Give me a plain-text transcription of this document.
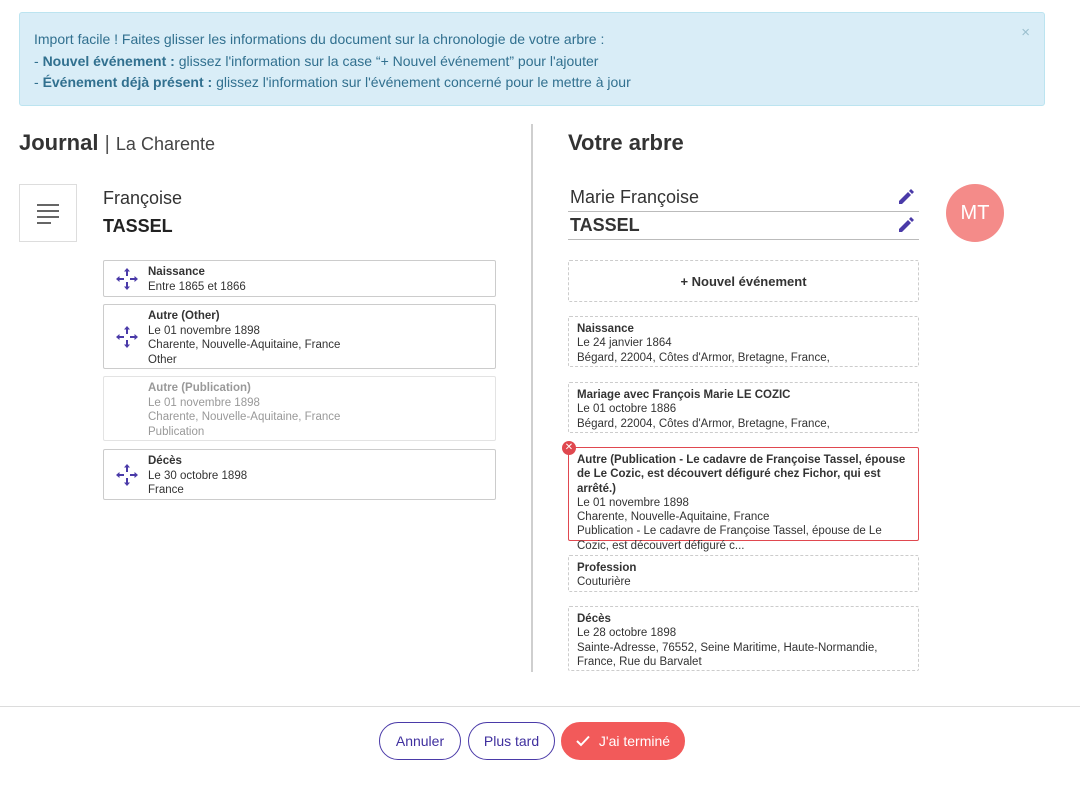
Import facile ! Faites glisser les informations du document sur la chronologie de votre arbre :
- Nouvel événement : glissez l'information sur la case “+ Nouvel événement” pour l'ajouter
- Événement déjà présent : glissez l'information sur l'événement concerné pour le mettre à jour
×
Journal | La Charente
Françoise
TASSEL
Naissance
Entre 1865 et 1866
Autre (Other)
Le 01 novembre 1898
Charente, Nouvelle-Aquitaine, France
Other
Autre (Publication)
Le 01 novembre 1898
Charente, Nouvelle-Aquitaine, France
Publication
Décès
Le 30 octobre 1898
France
Votre arbre
Marie Françoise
TASSEL
MT
+ Nouvel événement
Naissance
Le 24 janvier 1864
Bégard, 22004, Côtes d'Armor, Bretagne, France,
Mariage avec François Marie LE COZIC
Le 01 octobre 1886
Bégard, 22004, Côtes d'Armor, Bretagne, France,
✕
Autre (Publication - Le cadavre de Françoise Tassel, épouse de Le Cozic, est découvert défiguré chez Fichor, qui est arrêté.)
Le 01 novembre 1898
Charente, Nouvelle-Aquitaine, France
Publication - Le cadavre de Françoise Tassel, épouse de Le Cozic, est découvert défiguré c...
Profession
Couturière
Décès
Le 28 octobre 1898
Sainte-Adresse, 76552, Seine Maritime, Haute-Normandie, France, Rue du Barvalet
Annuler	Plus tard	J'ai terminé
